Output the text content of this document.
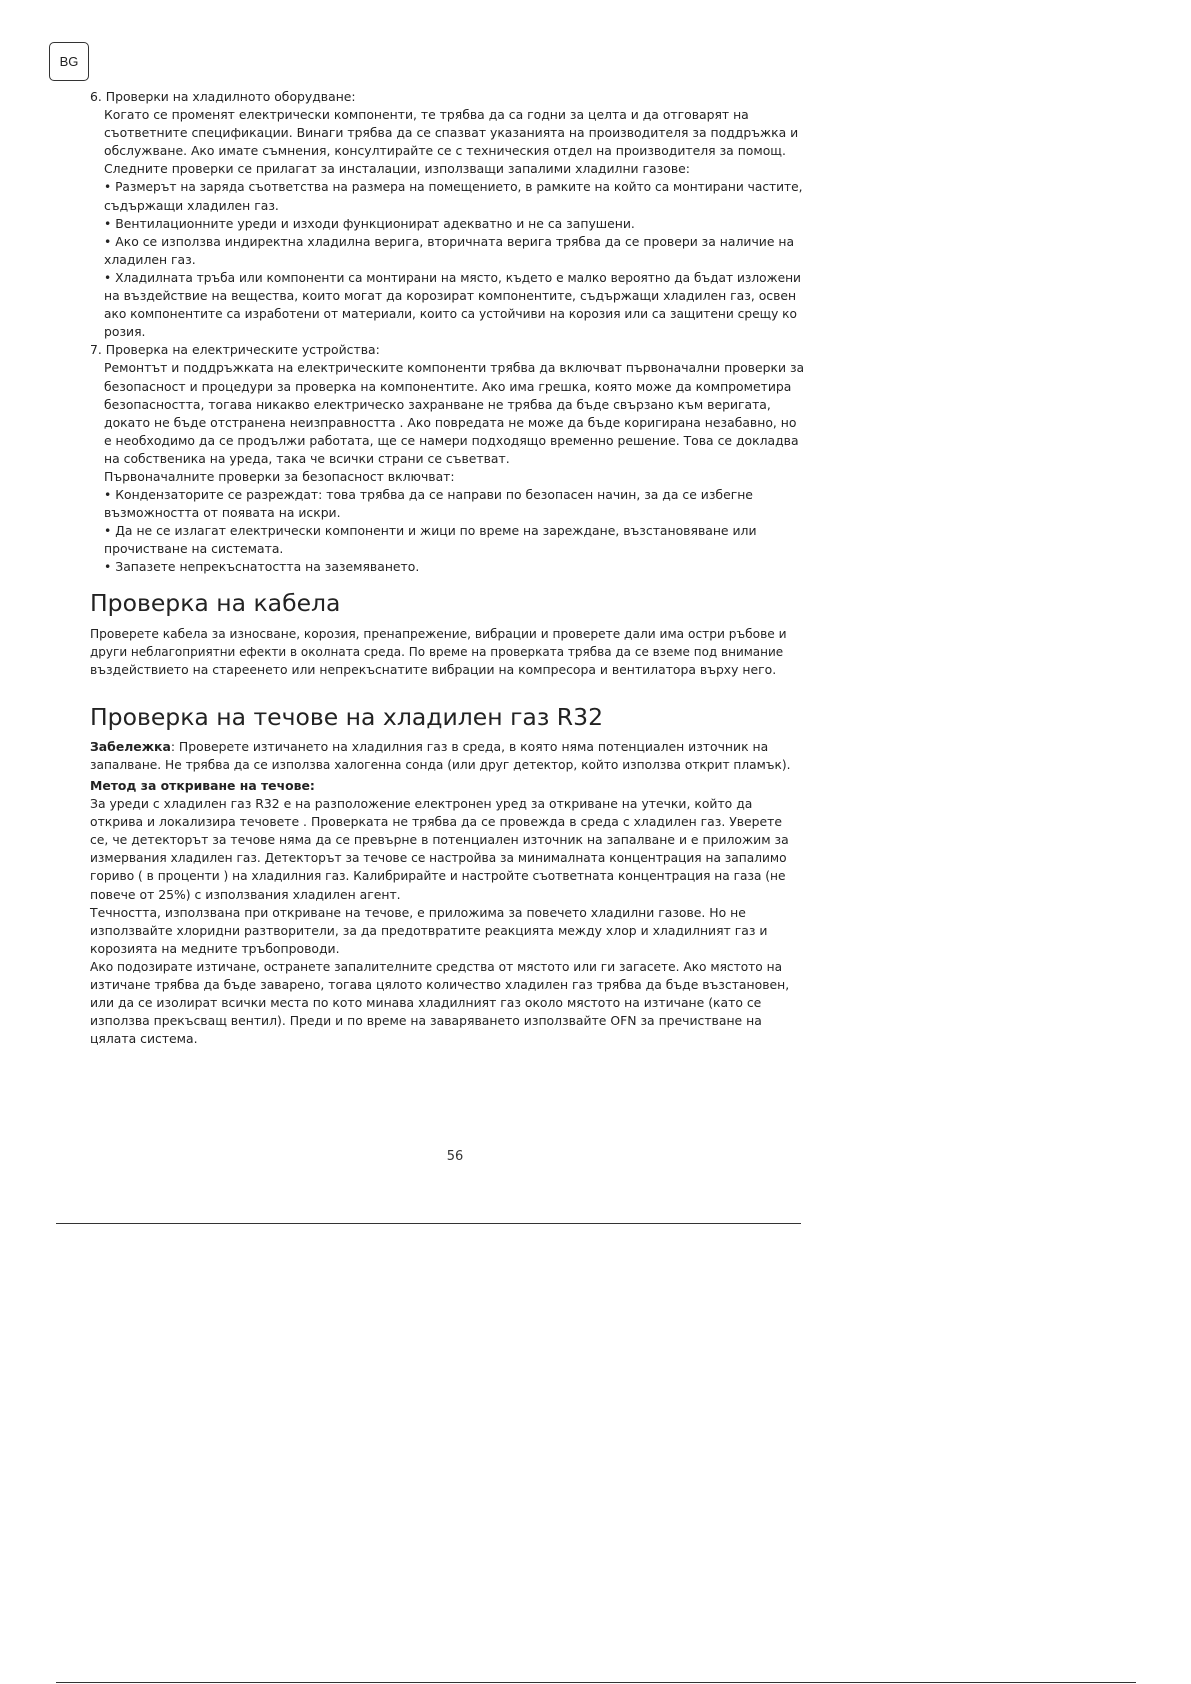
BG

6. Проверки на хладилното оборудване:

Когато се променят електрически компоненти, те трябва да са годни за целта и да отговарят на

съответните спецификации. Винаги трябва да се спазват указанията на производителя за поддръжка и

обслужване. Ако имате съмнения, консултирайте се с техническия отдел на производителя за помощ.

Следните проверки се прилагат за инсталации, използващи запалими хладилни газове:

• Размерът на заряда съответства на размера на помещението, в рамките на който са монтирани частите,

съдържащи хладилен газ.

• Вентилационните уреди и изходи функционират адекватно и не са запушени.

• Ако се използва индиректна хладилна верига, вторичната верига трябва да се провери за наличие на

хладилен газ.

• Хладилната тръба или компоненти са монтирани на място, където е малко вероятно да бъдат изложени

на въздействие на вещества, които могат да корозират компонентите, съдържащи хладилен газ, освен

ако компонентите са изработени от материали, които са устойчиви на корозия или са защитени срещу ко

розия.

7. Проверка на електрическите устройства:

Ремонтът и поддръжката на електрическите компоненти трябва да включват първоначални проверки за

безопасност и процедури за проверка на компонентите. Ако има грешка, която може да компрометира

безопасността, тогава никакво електрическо захранване не трябва да бъде свързано към веригата,

докато не бъде отстранена неизправността . Ако повредата не може да бъде коригирана незабавно, но

е необходимо да се продължи работата, ще се намери подходящо временно решение. Това се докладва

на собственика на уреда, така че всички страни се съветват.

Първоначалните проверки за безопасност включват:

• Кондензаторите се разреждат: това трябва да се направи по безопасен начин, за да се избегне

възможността от появата на искри.

• Да не се излагат електрически компоненти и жици по време на зареждане, възстановяване или

прочистване на системата.

• Запазете непрекъснатостта на заземяването.

Проверка на кабела

Проверете кабела за износване, корозия, пренапрежение, вибрации и проверете дали има остри ръбове и

други неблагоприятни ефекти в околната среда. По време на проверката трябва да се вземе под внимание

въздействието на стареенето или непрекъснатите вибрации на компресора и вентилатора върху него.

Проверка на течове на хладилен газ R32

Забележка: Проверете изтичането на хладилния газ в среда, в която няма потенциален източник на

запалване. Не трябва да се използва халогенна сонда (или друг детектор, който използва открит пламък).

Метод за откриване на течове:

За уреди с хладилен газ R32 е на разположение електронен уред за откриване на утечки, който да

открива и локализира течовете . Проверката не трябва да се провежда в среда с хладилен газ. Уверете

се, че детекторът за течове няма да се превърне в потенциален източник на запалване и е приложим за

измервания хладилен газ. Детекторът за течове се настройва за минималната концентрация на запалимо

гориво ( в проценти ) на хладилния газ. Калибрирайте и настройте съответната концентрация на газа (не

повече от 25%) с използвания хладилен агент.

Течността, използвана при откриване на течове, е приложима за повечето хладилни газове. Но не

използвайте хлоридни разтворители, за да предотвратите реакцията между хлор и хладилният газ и

корозията на медните тръбопроводи.

Ако подозирате изтичане, остранете запалителните средства от мястото или ги загасете. Ако мястото на

изтичане трябва да бъде заварено, тогава цялото количество хладилен газ трябва да бъде възстановен,

или да се изолират всички места по кото минава хладилният газ около мястото на изтичане (като се

използва прекъсващ вентил). Преди и по време на заваряването използвайте OFN за пречистване на

цялата система.

56
